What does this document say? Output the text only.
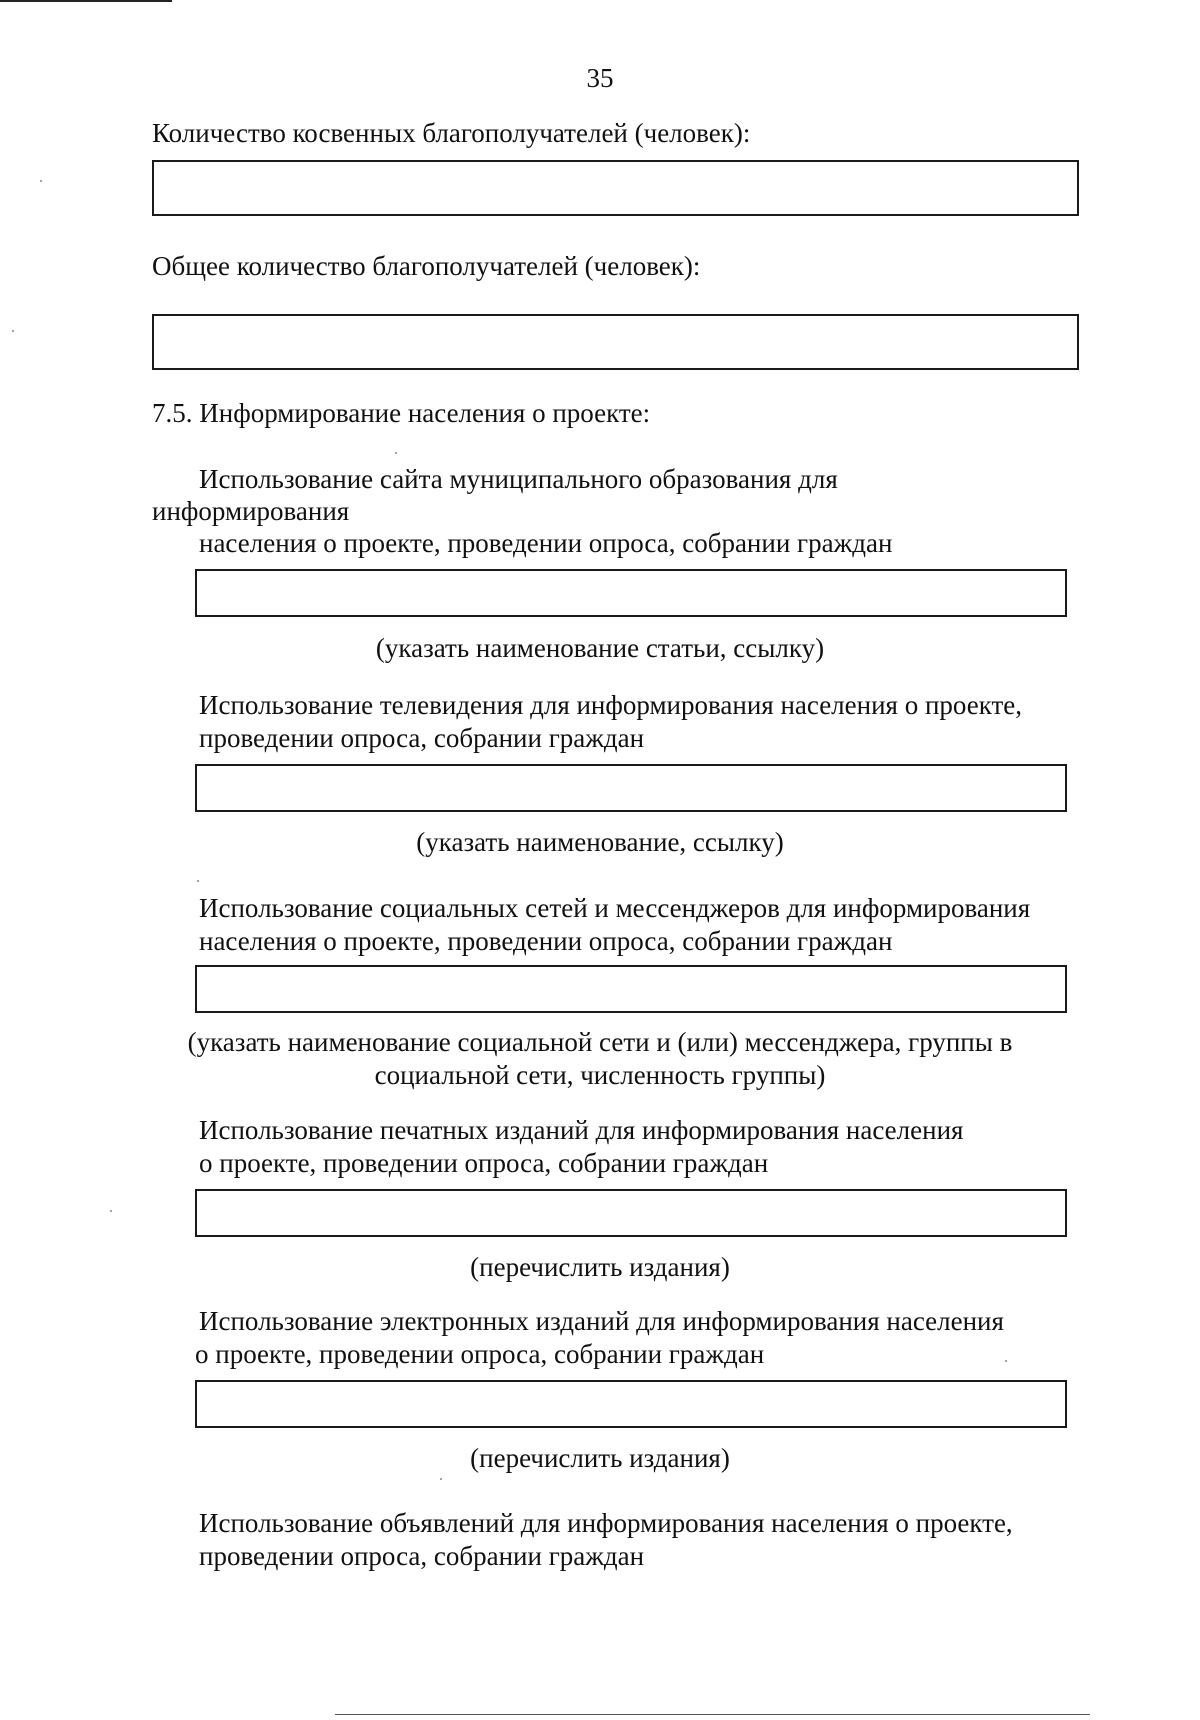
35
Количество косвенных благополучателей (человек):
Общее количество благополучателей (человек):
7.5. Информирование населения о проекте:
Использование сайта муниципального образования для
информирования
населения о проекте, проведении опроса, собрании граждан
(указать наименование статьи, ссылку)
Использование телевидения для информирования населения о проекте,
проведении опроса, собрании граждан
(указать наименование, ссылку)
Использование социальных сетей и мессенджеров для информирования
населения о проекте, проведении опроса, собрании граждан
(указать наименование социальной сети и (или) мессенджера, группы в
социальной сети, численность группы)
Использование печатных изданий для информирования населения
о проекте, проведении опроса, собрании граждан
(перечислить издания)
Использование электронных изданий для информирования населения
о проекте, проведении опроса, собрании граждан
(перечислить издания)
Использование объявлений для информирования населения о проекте,
проведении опроса, собрании граждан
